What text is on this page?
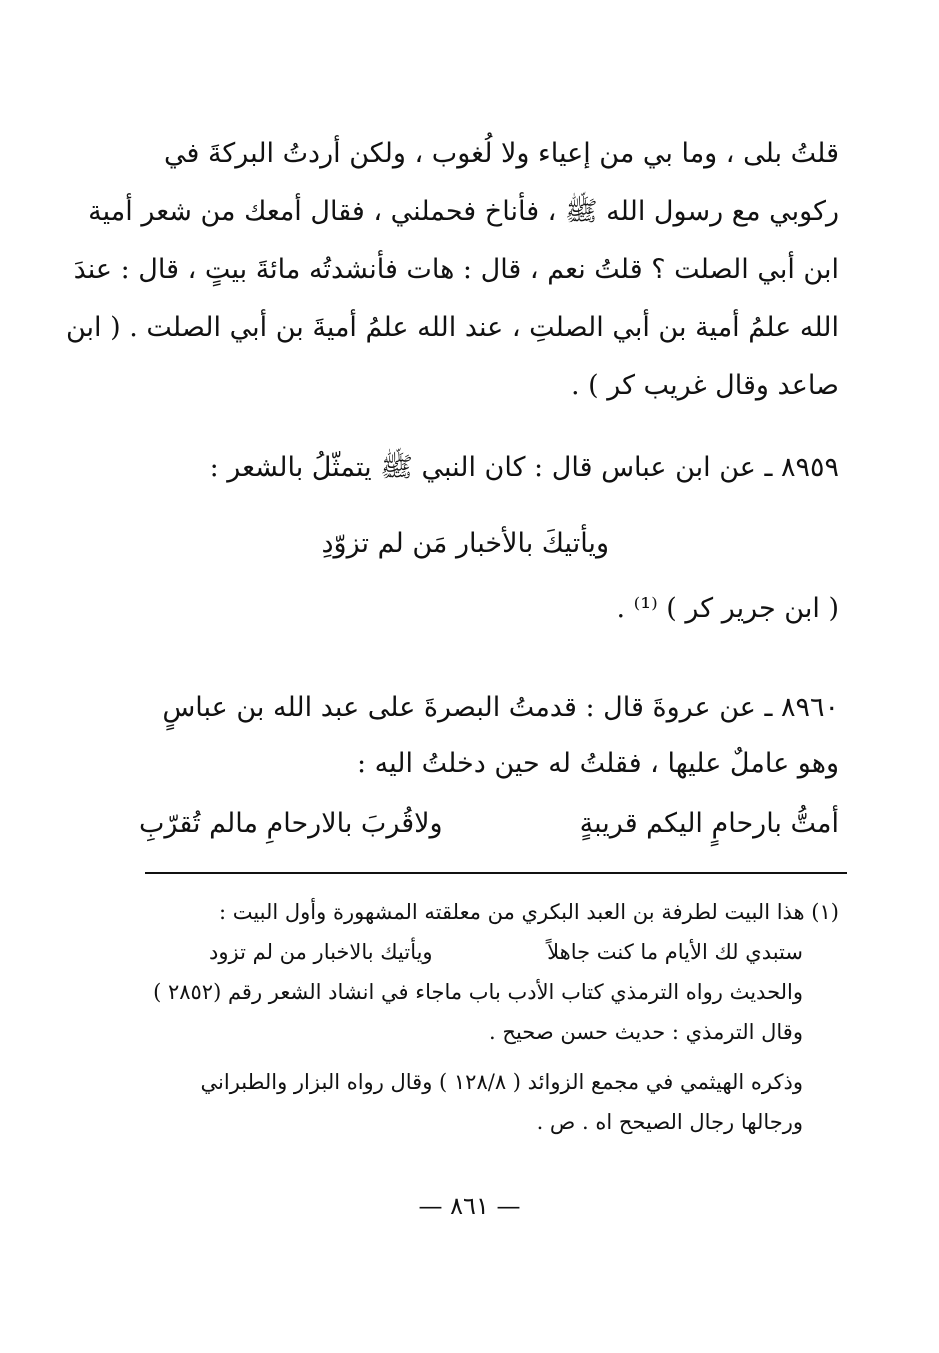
قلتُ بلى ، وما بي من إعياء ولا لُغوب ، ولكن أردتُ البركةَ في
ركوبي مع رسول الله ﷺ ، فأناخ فحملني ، فقال أمعك من شعر أمية
ابن أبي الصلت ؟ قلتُ نعم ، قال : هات فأنشدتُه مائةَ بيتٍ ، قال : عندَ
الله علمُ أمية بن أبي الصلتِ ، عند الله علمُ أميةَ بن أبي الصلت . ( ابن
صاعد وقال غريب كر ) .
٨٩٥٩ ـ عن ابن عباس قال : كان النبي ﷺ يتمثّلُ بالشعر :
ويأتيكَ بالأخبار مَن لم تزوّدِ
( ابن جرير كر ) ⁽¹⁾ .
٨٩٦٠ ـ عن عروةَ قال : قدمتُ البصرةَ على عبد الله بن عباسٍ
وهو عاملٌ عليها ، فقلتُ له حين دخلتُ اليه :
أمتُّ بارحامٍ اليكم قريبةٍ
ولاقُربَ بالارحامِ مالم تُقرّبِ
(١) هذا البيت لطرفة بن العبد البكري من معلقته المشهورة وأول البيت :
ستبدي لك الأيام ما كنت جاهلاً
ويأتيك بالاخبار من لم تزود
والحديث رواه الترمذي كتاب الأدب باب ماجاء في انشاد الشعر رقم (٢٨٥٢ )
وقال الترمذي : حديث حسن صحيح .
وذكره الهيثمي في مجمع الزوائد ( ١٢٨/٨ ) وقال رواه البزار والطبراني
ورجالها رجال الصيحح اه . ص .
— ٨٦١ —
